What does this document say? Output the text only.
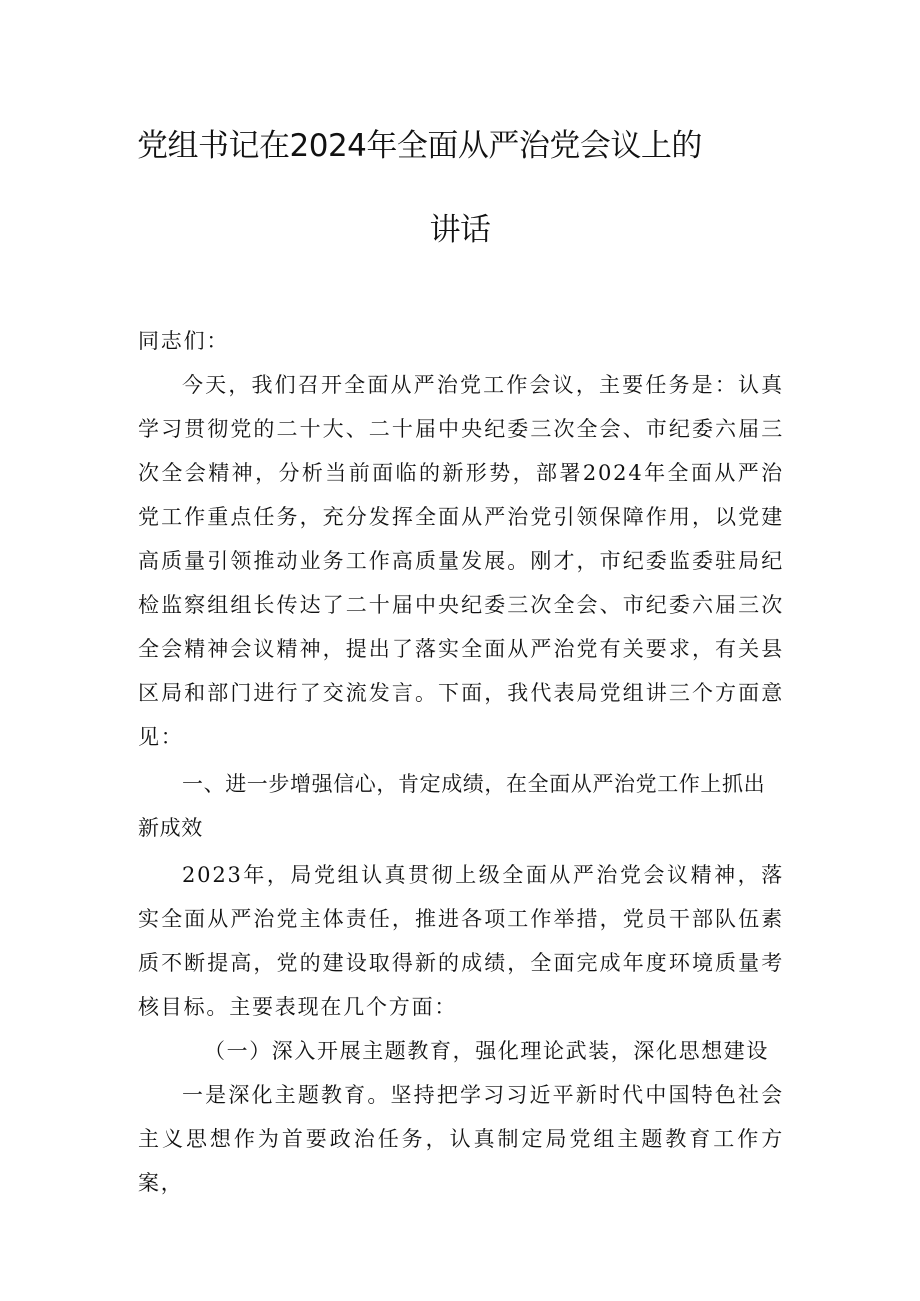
党组书记在2024年全面从严治党会议上的
讲话

同志们：

今天，我们召开全面从严治党工作会议，主要任务是：认真学习贯彻党的二十大、二十届中央纪委三次全会、市纪委六届三次全会精神，分析当前面临的新形势，部署2024年全面从严治党工作重点任务，充分发挥全面从严治党引领保障作用，以党建高质量引领推动业务工作高质量发展。刚才，市纪委监委驻局纪检监察组组长传达了二十届中央纪委三次全会、市纪委六届三次全会精神会议精神，提出了落实全面从严治党有关要求，有关县区局和部门进行了交流发言。下面，我代表局党组讲三个方面意见：

一、进一步增强信心，肯定成绩，在全面从严治党工作上抓出新成效

2023年，局党组认真贯彻上级全面从严治党会议精神，落实全面从严治党主体责任，推进各项工作举措，党员干部队伍素质不断提高，党的建设取得新的成绩，全面完成年度环境质量考核目标。主要表现在几个方面：

（一）深入开展主题教育，强化理论武装，深化思想建设

一是深化主题教育。坚持把学习习近平新时代中国特色社会主义思想作为首要政治任务，认真制定局党组主题教育工作方案，
